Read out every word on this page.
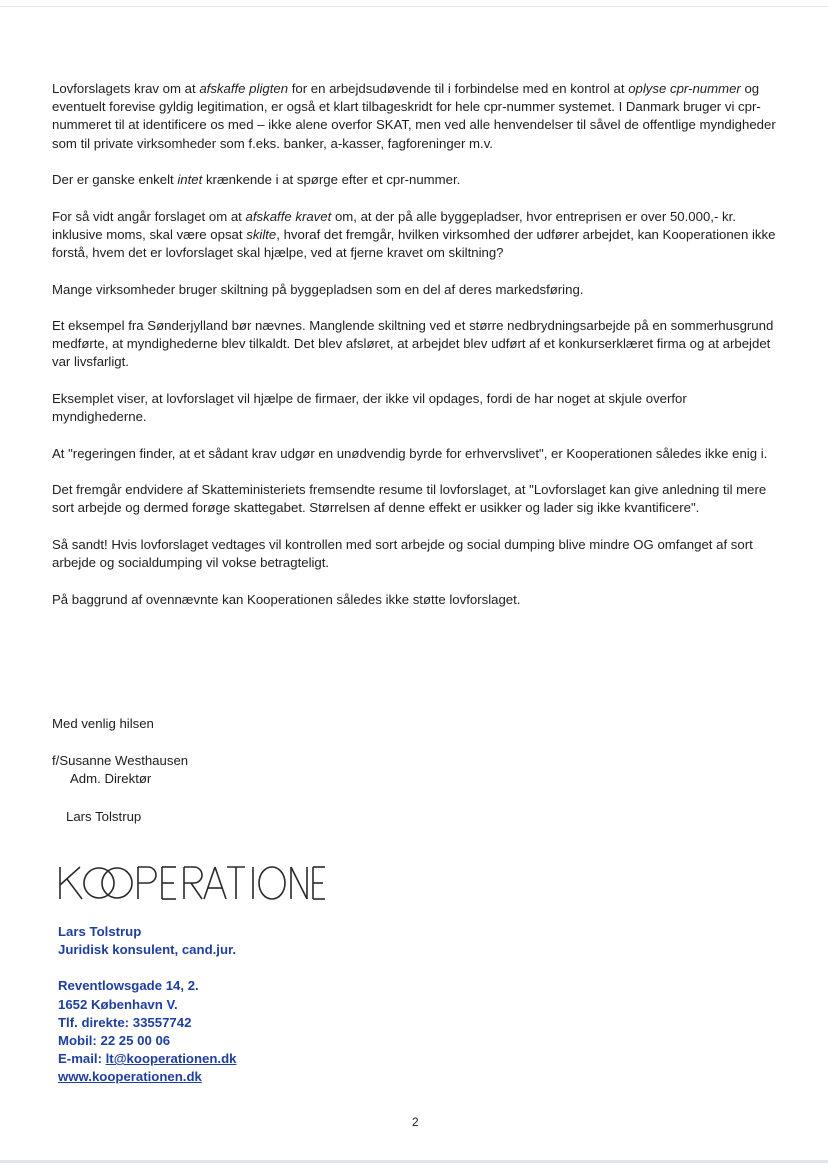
Lovforslagets krav om at afskaffe pligten for en arbejdsudøvende til i forbindelse med en kontrol at oplyse cpr-nummer og eventuelt forevise gyldig legitimation, er også et klart tilbageskridt for hele cpr-nummer systemet. I Danmark bruger vi cpr-nummeret til at identificere os med – ikke alene overfor SKAT, men ved alle henvendelser til såvel de offentlige myndigheder som til private virksomheder som f.eks. banker, a-kasser, fagforeninger m.v.

Der er ganske enkelt intet krænkende i at spørge efter et cpr-nummer.

For så vidt angår forslaget om at afskaffe kravet om, at der på alle byggepladser, hvor entreprisen er over 50.000,- kr. inklusive moms, skal være opsat skilte, hvoraf det fremgår, hvilken virksomhed der udfører arbejdet, kan Kooperationen ikke forstå, hvem det er lovforslaget skal hjælpe, ved at fjerne kravet om skiltning?

Mange virksomheder bruger skiltning på byggepladsen som en del af deres markedsføring.

Et eksempel fra Sønderjylland bør nævnes. Manglende skiltning ved et større nedbrydningsarbejde på en sommerhusgrund medførte, at myndighederne blev tilkaldt. Det blev afsløret, at arbejdet blev udført af et konkurserklæret firma og at arbejdet var livsfarligt.

Eksemplet viser, at lovforslaget vil hjælpe de firmaer, der ikke vil opdages, fordi de har noget at skjule overfor myndighederne.

At "regeringen finder, at et sådant krav udgør en unødvendig byrde for erhvervslivet", er Kooperationen således ikke enig i.

Det fremgår endvidere af Skatteministeriets fremsendte resume til lovforslaget, at "Lovforslaget kan give anledning til mere sort arbejde og dermed forøge skattegabet. Størrelsen af denne effekt er usikker og lader sig ikke kvantificere".

Så sandt! Hvis lovforslaget vedtages vil kontrollen med sort arbejde og social dumping blive mindre OG omfanget af sort arbejde og socialdumping vil vokse betragteligt.

På baggrund af ovennævnte kan Kooperationen således ikke støtte lovforslaget.

Med venlig hilsen
f/Susanne Westhausen
Adm. Direktør
Lars Tolstrup
Lars Tolstrup
Juridisk konsulent, cand.jur.
Reventlowsgade 14, 2.
1652 København V.
Tlf. direkte: 33557742
Mobil: 22 25 00 06
E-mail: lt@kooperationen.dk
www.kooperationen.dk
2
